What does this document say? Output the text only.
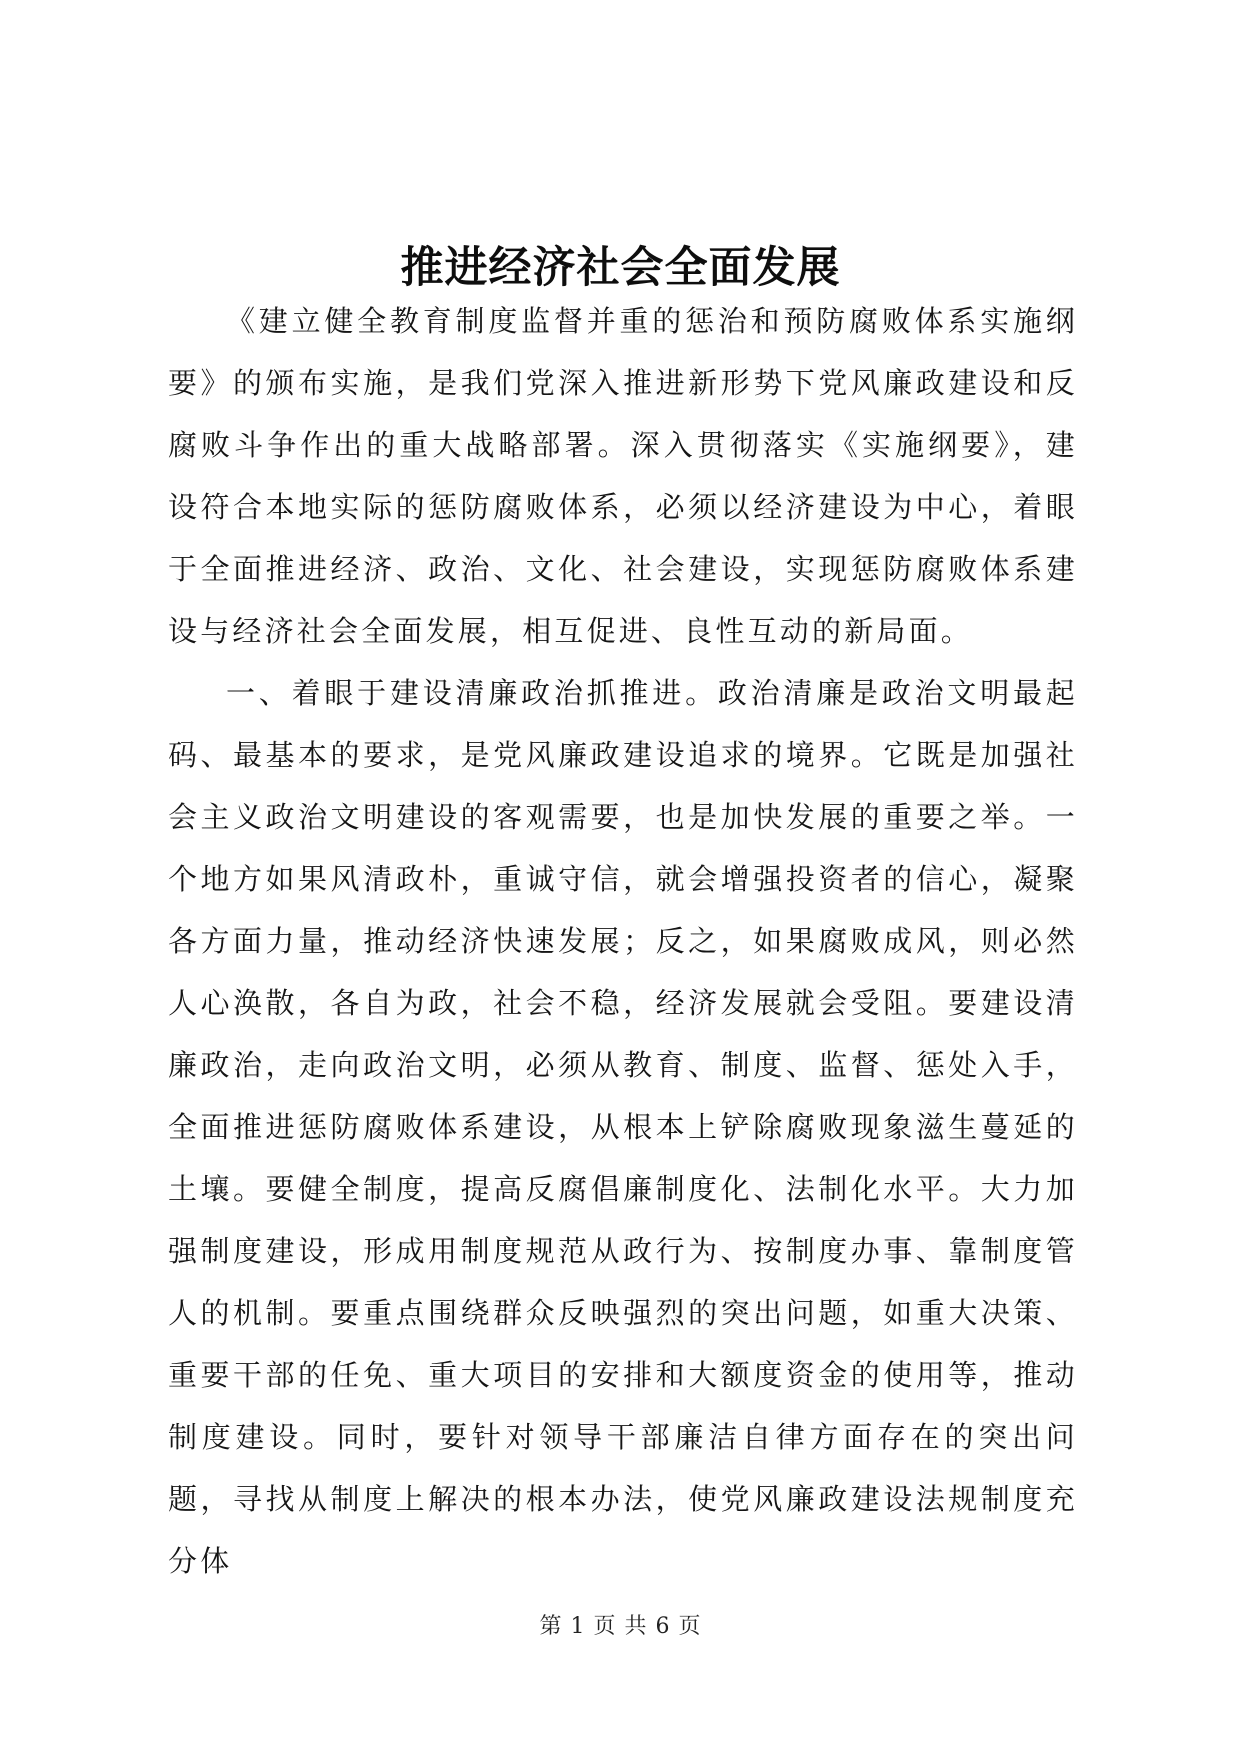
推进经济社会全面发展

《建立健全教育制度监督并重的惩治和预防腐败体系实施纲要》的颁布实施，是我们党深入推进新形势下党风廉政建设和反腐败斗争作出的重大战略部署。深入贯彻落实《实施纲要》，建设符合本地实际的惩防腐败体系，必须以经济建设为中心，着眼于全面推进经济、政治、文化、社会建设，实现惩防腐败体系建设与经济社会全面发展，相互促进、良性互动的新局面。

一、着眼于建设清廉政治抓推进。政治清廉是政治文明最起码、最基本的要求，是党风廉政建设追求的境界。它既是加强社会主义政治文明建设的客观需要，也是加快发展的重要之举。一个地方如果风清政朴，重诚守信，就会增强投资者的信心，凝聚各方面力量，推动经济快速发展；反之，如果腐败成风，则必然人心涣散，各自为政，社会不稳，经济发展就会受阻。要建设清廉政治，走向政治文明，必须从教育、制度、监督、惩处入手，全面推进惩防腐败体系建设，从根本上铲除腐败现象滋生蔓延的土壤。要健全制度，提高反腐倡廉制度化、法制化水平。大力加强制度建设，形成用制度规范从政行为、按制度办事、靠制度管人的机制。要重点围绕群众反映强烈的突出问题，如重大决策、重要干部的任免、重大项目的安排和大额度资金的使用等，推动制度建设。同时，要针对领导干部廉洁自律方面存在的突出问题，寻找从制度上解决的根本办法，使党风廉政建设法规制度充分体

第 1 页 共 6 页
